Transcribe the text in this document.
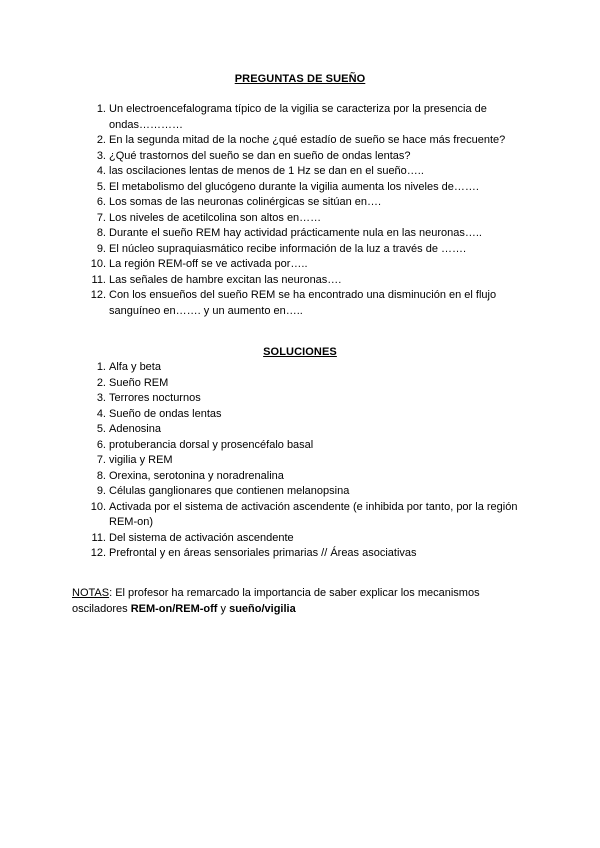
PREGUNTAS DE SUEÑO
1. Un electroencefalograma típico de la vigilia se caracteriza por la presencia de ondas…………
2. En la segunda mitad de la noche ¿qué estadío de sueño se hace más frecuente?
3. ¿Qué trastornos del sueño se dan en sueño de ondas lentas?
4. las oscilaciones lentas de menos de 1 Hz se dan en el sueño…..
5. El metabolismo del glucógeno durante la vigilia aumenta los niveles de…….
6. Los somas de las neuronas colinérgicas se sitúan en….
7. Los niveles de acetilcolina son altos en……
8. Durante el sueño REM hay actividad prácticamente nula en las neuronas…..
9. El núcleo supraquiasmático recibe información de la luz a través de …….
10. La región REM-off se ve activada por…..
11. Las señales de hambre excitan las neuronas….
12. Con los ensueños del sueño REM se ha encontrado una disminución en el flujo sanguíneo en……. y un aumento en…..
SOLUCIONES
1. Alfa y beta
2. Sueño REM
3. Terrores nocturnos
4. Sueño de ondas lentas
5. Adenosina
6. protuberancia dorsal y prosencéfalo basal
7. vigilia y REM
8. Orexina, serotonina y noradrenalina
9. Células ganglionares que contienen melanopsina
10. Activada por el sistema de activación ascendente (e inhibida por tanto, por la región REM-on)
11. Del sistema de activación ascendente
12. Prefrontal y en áreas sensoriales primarias // Áreas asociativas
NOTAS: El profesor ha remarcado la importancia de saber explicar los mecanismos osciladores REM-on/REM-off y sueño/vigilia
